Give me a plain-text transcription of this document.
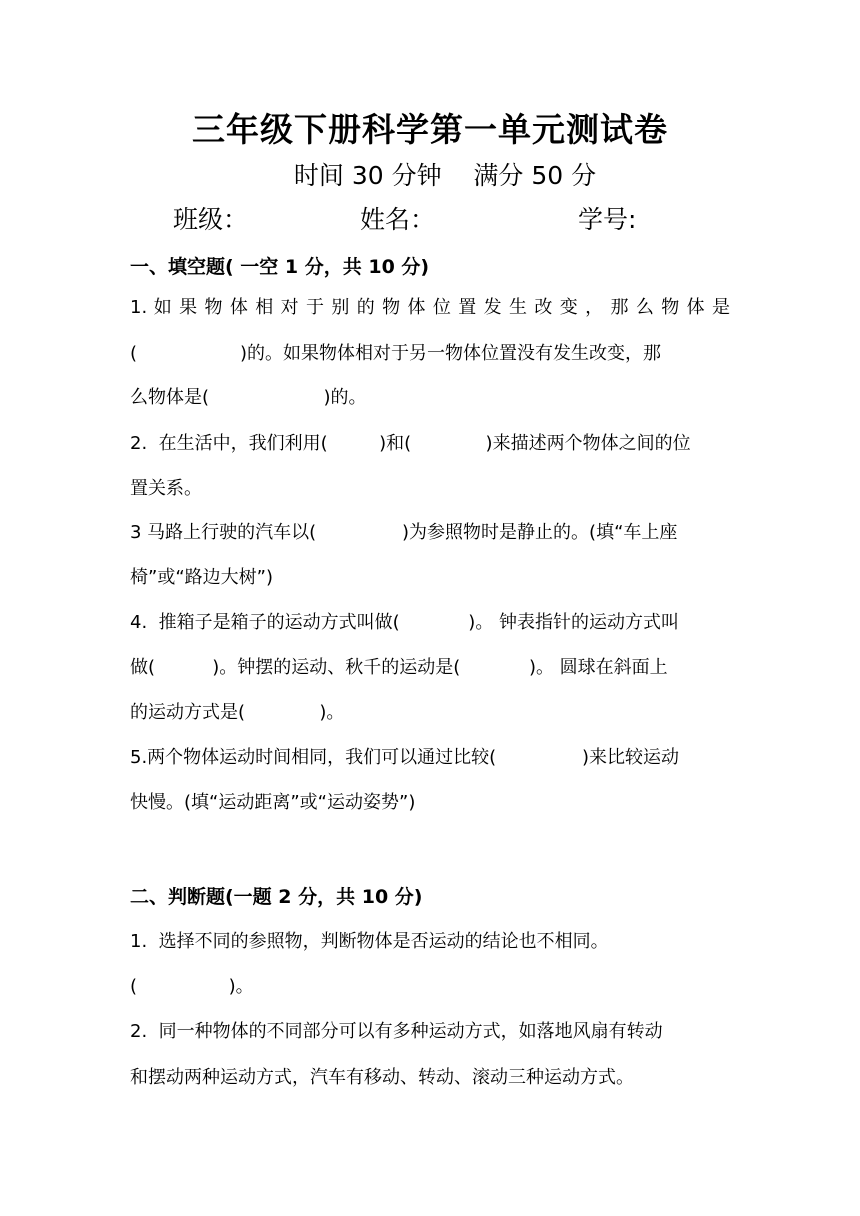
三年级下册科学第一单元测试卷
时间 30 分钟    满分 50 分
班级：	姓名：	学号:
一、填空题( 一空 1 分，共 10 分)
1. 如 果 物 体 相 对 于 别 的 物 体 位 置 发 生 改 变 ， 那 么 物 体 是
(                  )的。如果物体相对于另一物体位置没有发生改变，那
么物体是(                    )的。
2.  在生活中，我们利用(         )和(             )来描述两个物体之间的位
置关系。
3 马路上行驶的汽车以(               )为参照物时是静止的。(填“车上座
椅”或“路边大树”)
4.  推箱子是箱子的运动方式叫做(            )。 钟表指针的运动方式叫
做(          )。钟摆的运动、秋千的运动是(            )。 圆球在斜面上
的运动方式是(             )。
5.两个物体运动时间相同，我们可以通过比较(               )来比较运动
快慢。(填“运动距离”或“运动姿势”)
二、判断题(一题 2 分，共 10 分)
1.  选择不同的参照物，判断物体是否运动的结论也不相同。
(                )。
2.  同一种物体的不同部分可以有多种运动方式，如落地风扇有转动
和摆动两种运动方式，汽车有移动、转动、滚动三种运动方式。
